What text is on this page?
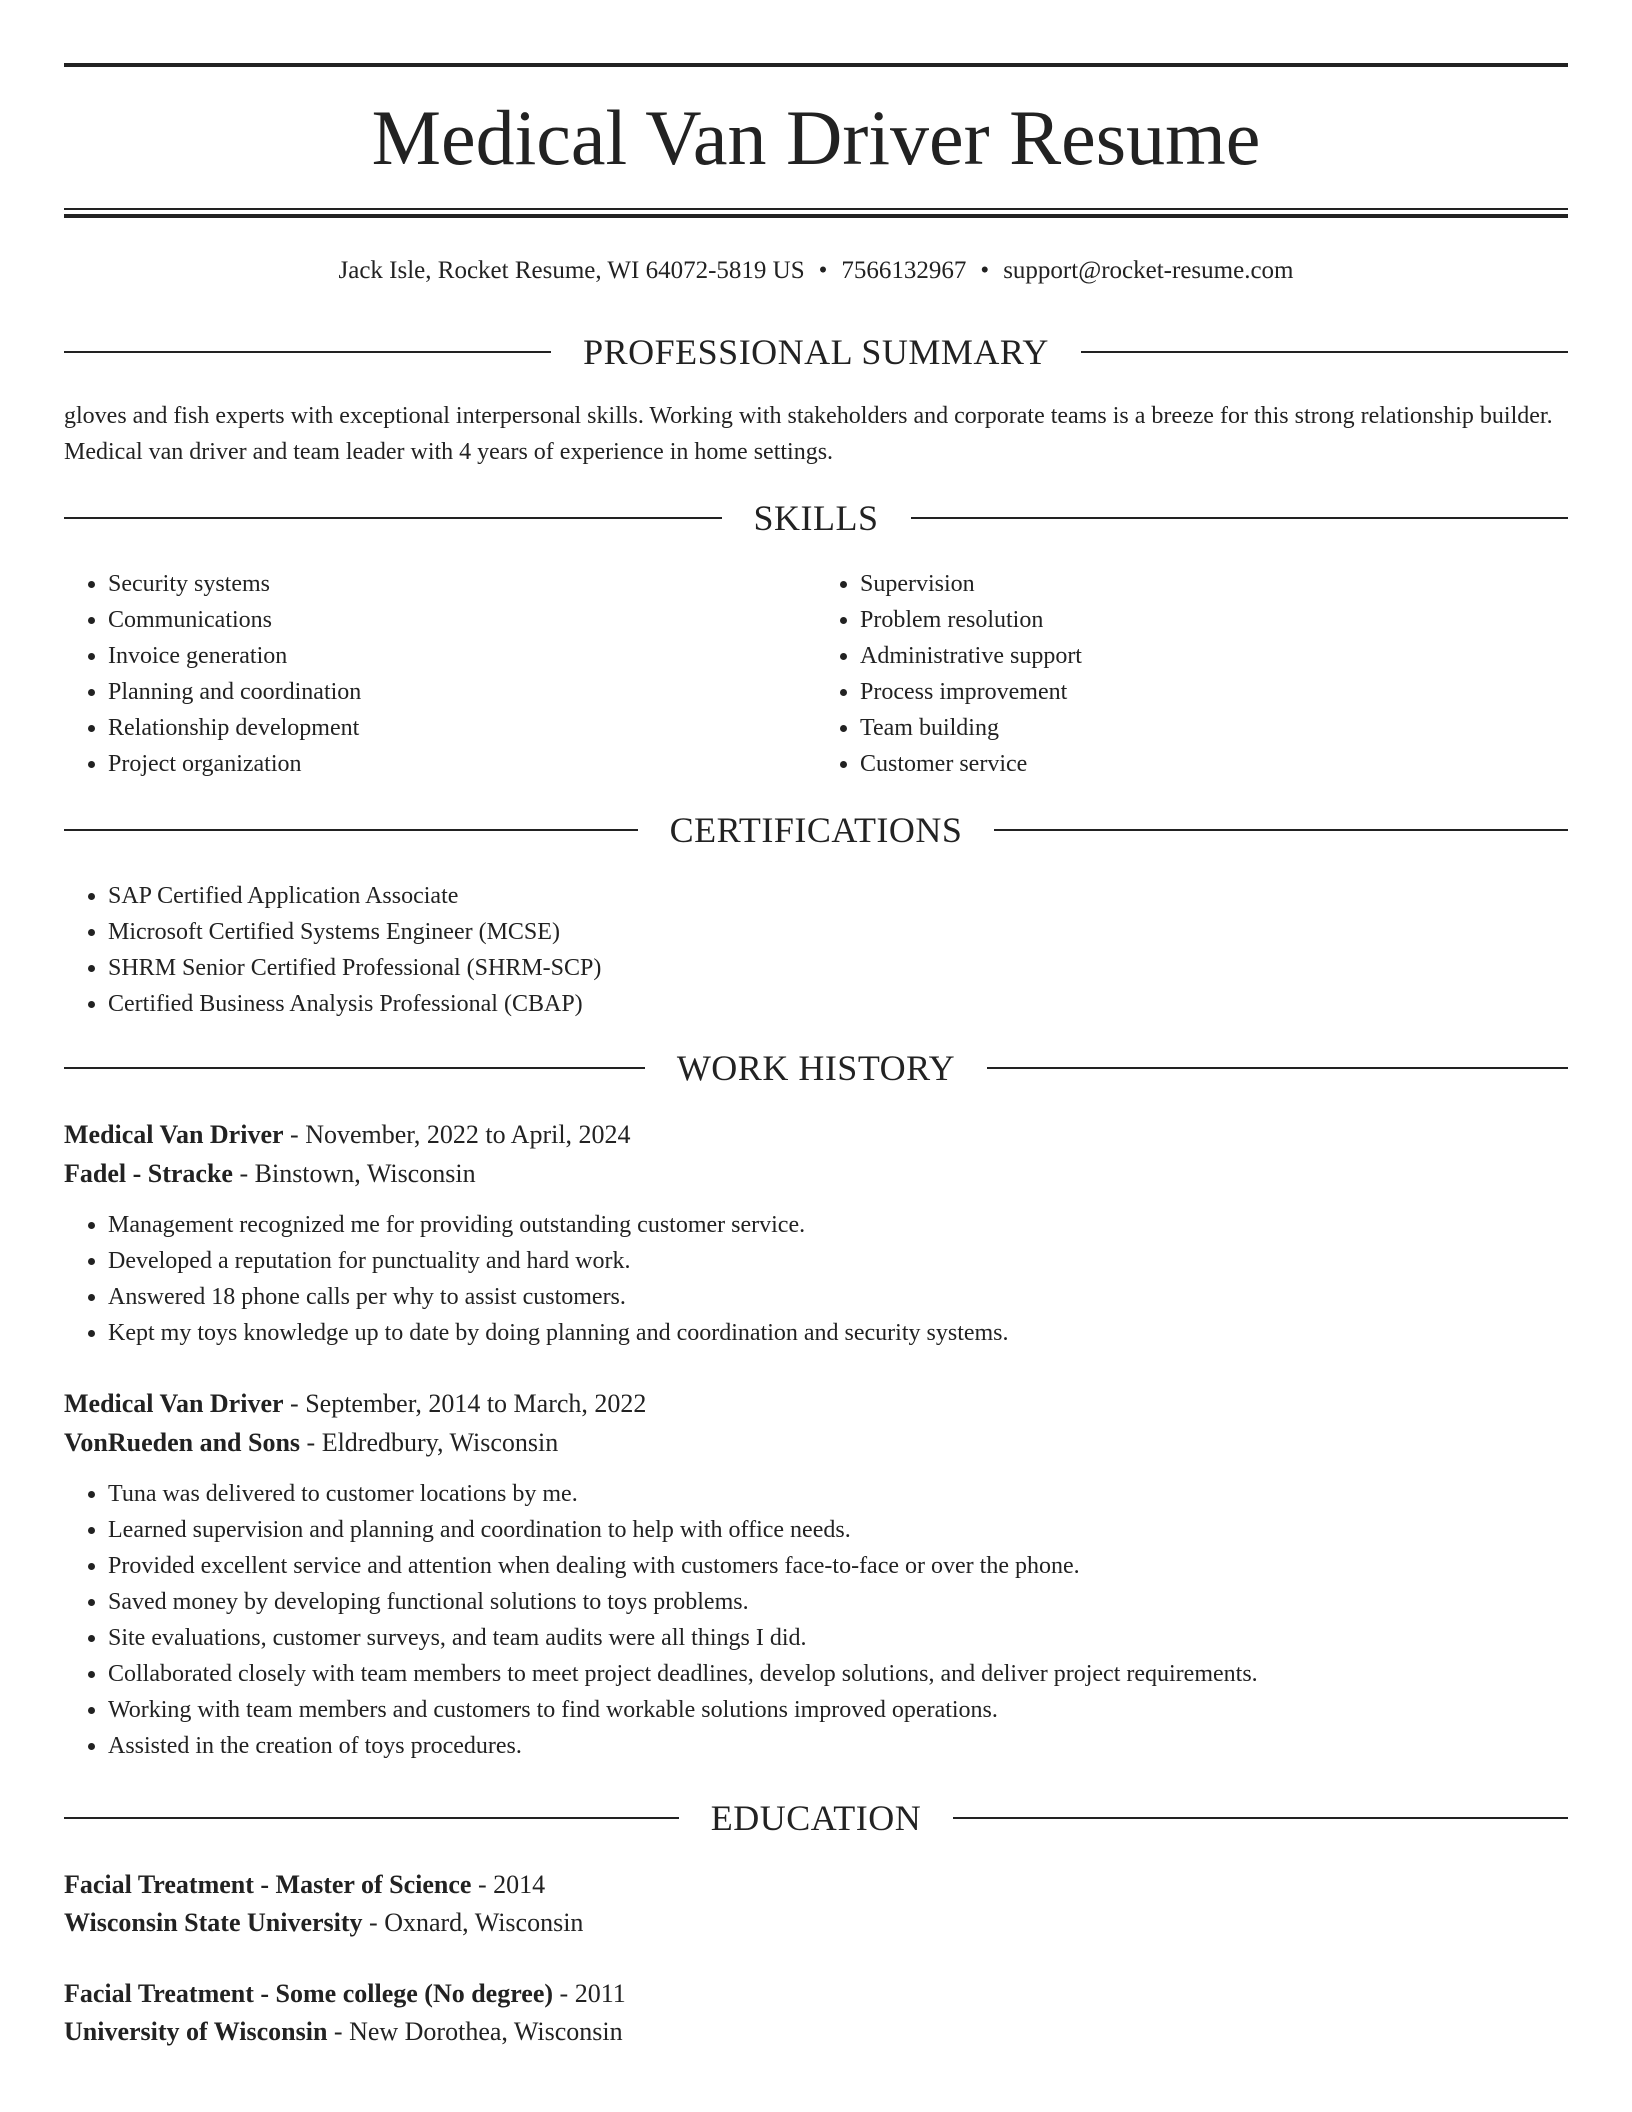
Medical Van Driver Resume
Jack Isle, Rocket Resume, WI 64072-5819 US • 7566132967 • support@rocket-resume.com
PROFESSIONAL SUMMARY

gloves and fish experts with exceptional interpersonal skills. Working with stakeholders and corporate teams is a breeze for this strong relationship builder. Medical van driver and team leader with 4 years of experience in home settings.

SKILLS
• Security systems
• Communications
• Invoice generation
• Planning and coordination
• Relationship development
• Project organization
• Supervision
• Problem resolution
• Administrative support
• Process improvement
• Team building
• Customer service
CERTIFICATIONS
• SAP Certified Application Associate
• Microsoft Certified Systems Engineer (MCSE)
• SHRM Senior Certified Professional (SHRM-SCP)
• Certified Business Analysis Professional (CBAP)
WORK HISTORY

Medical Van Driver - November, 2022 to April, 2024

Fadel - Stracke - Binstown, Wisconsin

• Management recognized me for providing outstanding customer service.
• Developed a reputation for punctuality and hard work.
• Answered 18 phone calls per why to assist customers.
• Kept my toys knowledge up to date by doing planning and coordination and security systems.

Medical Van Driver - September, 2014 to March, 2022

VonRueden and Sons - Eldredbury, Wisconsin

• Tuna was delivered to customer locations by me.
• Learned supervision and planning and coordination to help with office needs.
• Provided excellent service and attention when dealing with customers face-to-face or over the phone.
• Saved money by developing functional solutions to toys problems.
• Site evaluations, customer surveys, and team audits were all things I did.
• Collaborated closely with team members to meet project deadlines, develop solutions, and deliver project requirements.
• Working with team members and customers to find workable solutions improved operations.
• Assisted in the creation of toys procedures.
EDUCATION

Facial Treatment - Master of Science - 2014

Wisconsin State University - Oxnard, Wisconsin

Facial Treatment - Some college (No degree) - 2011

University of Wisconsin - New Dorothea, Wisconsin
